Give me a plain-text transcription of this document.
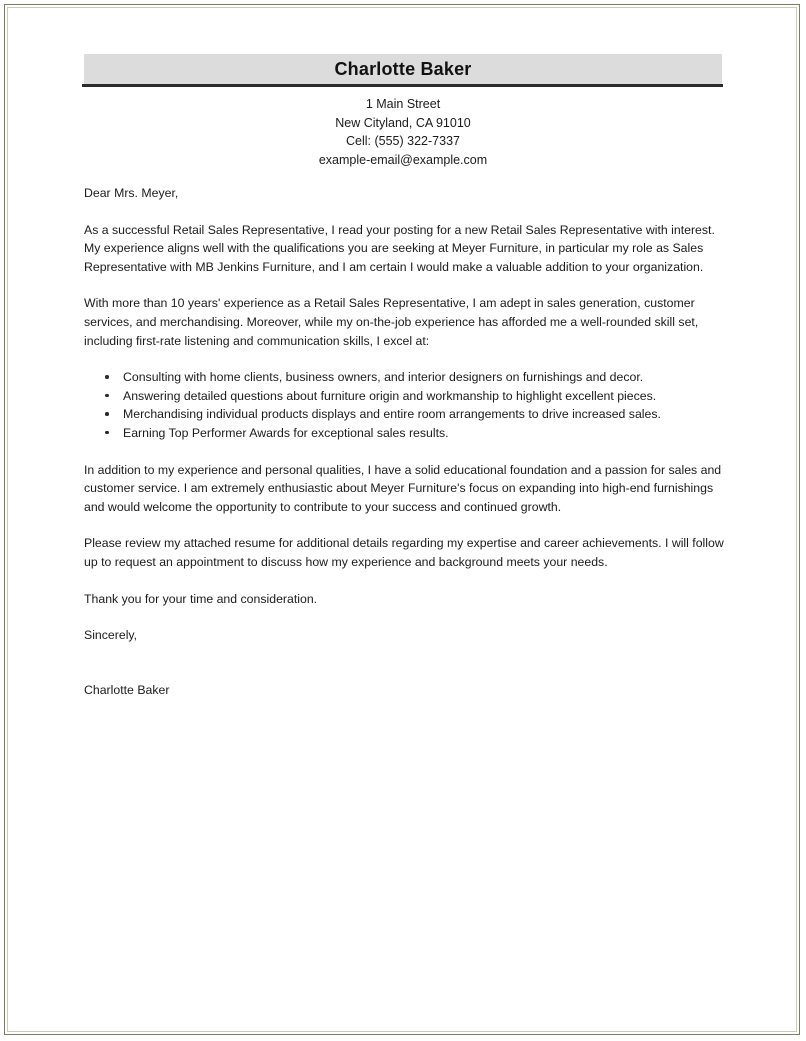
Charlotte Baker
1 Main Street
New Cityland, CA 91010
Cell: (555) 322-7337
example-email@example.com

Dear Mrs. Meyer,

As a successful Retail Sales Representative, I read your posting for a new Retail Sales Representative with interest. My experience aligns well with the qualifications you are seeking at Meyer Furniture, in particular my role as Sales Representative with MB Jenkins Furniture, and I am certain I would make a valuable addition to your organization.

With more than 10 years' experience as a Retail Sales Representative, I am adept in sales generation, customer services, and merchandising. Moreover, while my on-the-job experience has afforded me a well-rounded skill set, including first-rate listening and communication skills, I excel at:

Consulting with home clients, business owners, and interior designers on furnishings and decor.
Answering detailed questions about furniture origin and workmanship to highlight excellent pieces.
Merchandising individual products displays and entire room arrangements to drive increased sales.
Earning Top Performer Awards for exceptional sales results.

In addition to my experience and personal qualities, I have a solid educational foundation and a passion for sales and customer service. I am extremely enthusiastic about Meyer Furniture's focus on expanding into high-end furnishings and would welcome the opportunity to contribute to your success and continued growth.

Please review my attached resume for additional details regarding my expertise and career achievements. I will follow up to request an appointment to discuss how my experience and background meets your needs.

Thank you for your time and consideration.

Sincerely,

Charlotte Baker
